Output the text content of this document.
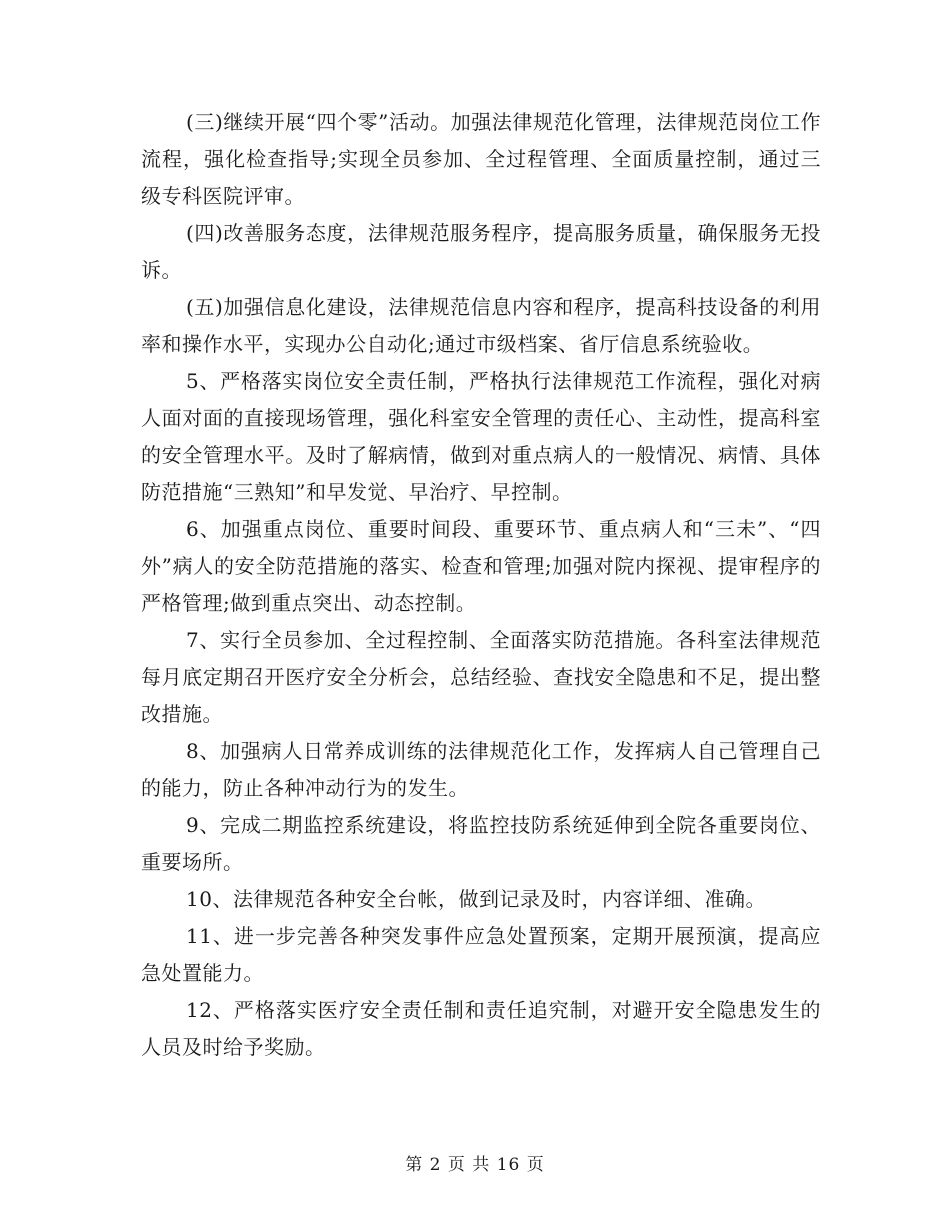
(三)继续开展“四个零”活动。加强法律规范化管理，法律规范岗位工作流程，强化检查指导;实现全员参加、全过程管理、全面质量控制，通过三级专科医院评审。

(四)改善服务态度，法律规范服务程序，提高服务质量，确保服务无投诉。

(五)加强信息化建设，法律规范信息内容和程序，提高科技设备的利用率和操作水平，实现办公自动化;通过市级档案、省厅信息系统验收。

5、严格落实岗位安全责任制，严格执行法律规范工作流程，强化对病人面对面的直接现场管理，强化科室安全管理的责任心、主动性，提高科室的安全管理水平。及时了解病情，做到对重点病人的一般情况、病情、具体防范措施“三熟知”和早发觉、早治疗、早控制。

6、加强重点岗位、重要时间段、重要环节、重点病人和“三未”、“四外”病人的安全防范措施的落实、检查和管理;加强对院内探视、提审程序的严格管理;做到重点突出、动态控制。

7、实行全员参加、全过程控制、全面落实防范措施。各科室法律规范每月底定期召开医疗安全分析会，总结经验、查找安全隐患和不足，提出整改措施。

8、加强病人日常养成训练的法律规范化工作，发挥病人自己管理自己的能力，防止各种冲动行为的发生。

9、完成二期监控系统建设，将监控技防系统延伸到全院各重要岗位、重要场所。

10、法律规范各种安全台帐，做到记录及时，内容详细、准确。

11、进一步完善各种突发事件应急处置预案，定期开展预演，提高应急处置能力。

12、严格落实医疗安全责任制和责任追究制，对避开安全隐患发生的人员及时给予奖励。

第 2 页 共 16 页
